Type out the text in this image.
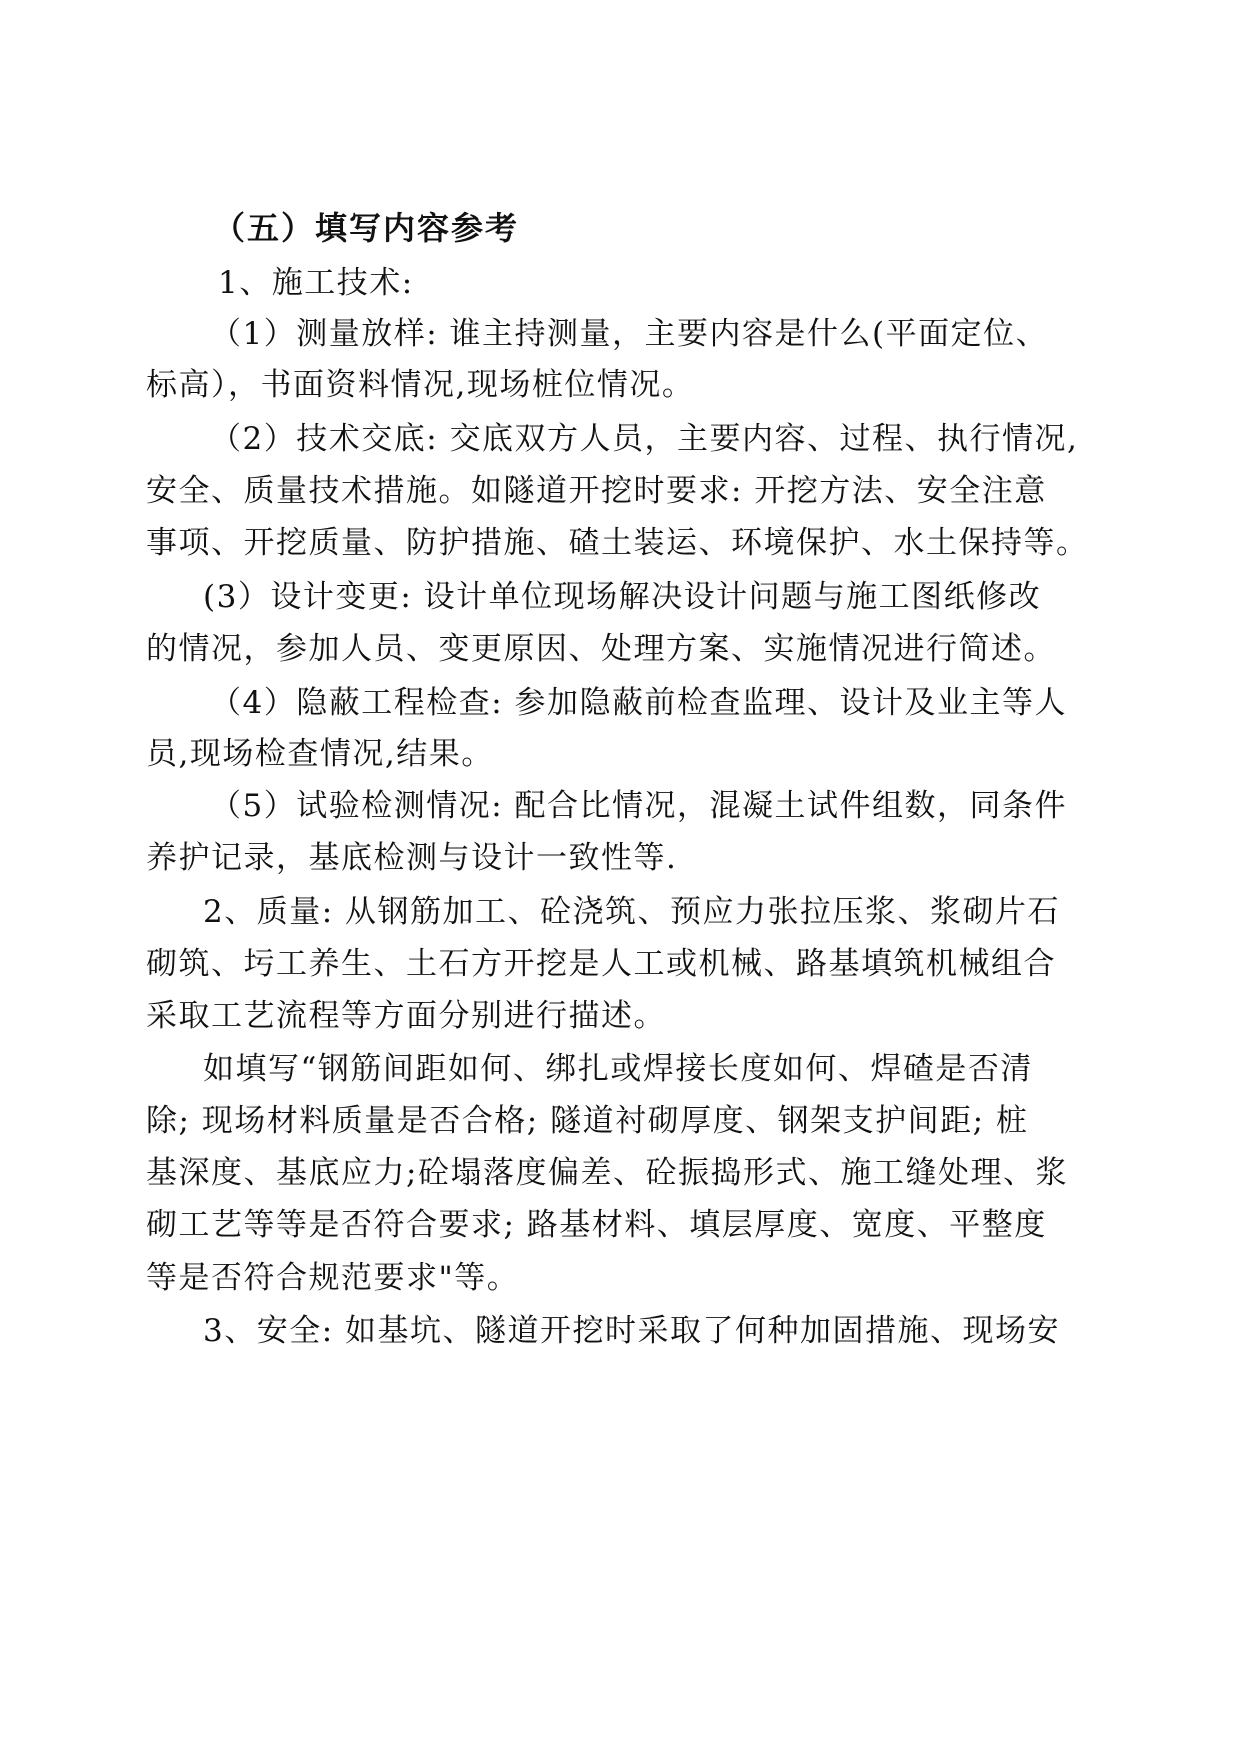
（五）填写内容参考
1、施工技术:
（1）测量放样: 谁主持测量，主要内容是什么(平面定位、
标高），书面资料情况,现场桩位情况。
（2）技术交底: 交底双方人员，主要内容、过程、执行情况,
安全、质量技术措施。如隧道开挖时要求: 开挖方法、安全注意
事项、开挖质量、防护措施、碴土装运、环境保护、水土保持等。
(3）设计变更: 设计单位现场解决设计问题与施工图纸修改
的情况，参加人员、变更原因、处理方案、实施情况进行简述。
（4）隐蔽工程检查: 参加隐蔽前检查监理、设计及业主等人
员,现场检查情况,结果。
（5）试验检测情况: 配合比情况，混凝土试件组数，同条件
养护记录，基底检测与设计一致性等.
2、质量: 从钢筋加工、砼浇筑、预应力张拉压浆、浆砌片石
砌筑、圬工养生、土石方开挖是人工或机械、路基填筑机械组合
采取工艺流程等方面分别进行描述。
如填写“钢筋间距如何、绑扎或焊接长度如何、焊碴是否清
除; 现场材料质量是否合格; 隧道衬砌厚度、钢架支护间距; 桩
基深度、基底应力;砼塌落度偏差、砼振捣形式、施工缝处理、浆
砌工艺等等是否符合要求; 路基材料、填层厚度、宽度、平整度
等是否符合规范要求"等。
3、安全: 如基坑、隧道开挖时采取了何种加固措施、现场安
